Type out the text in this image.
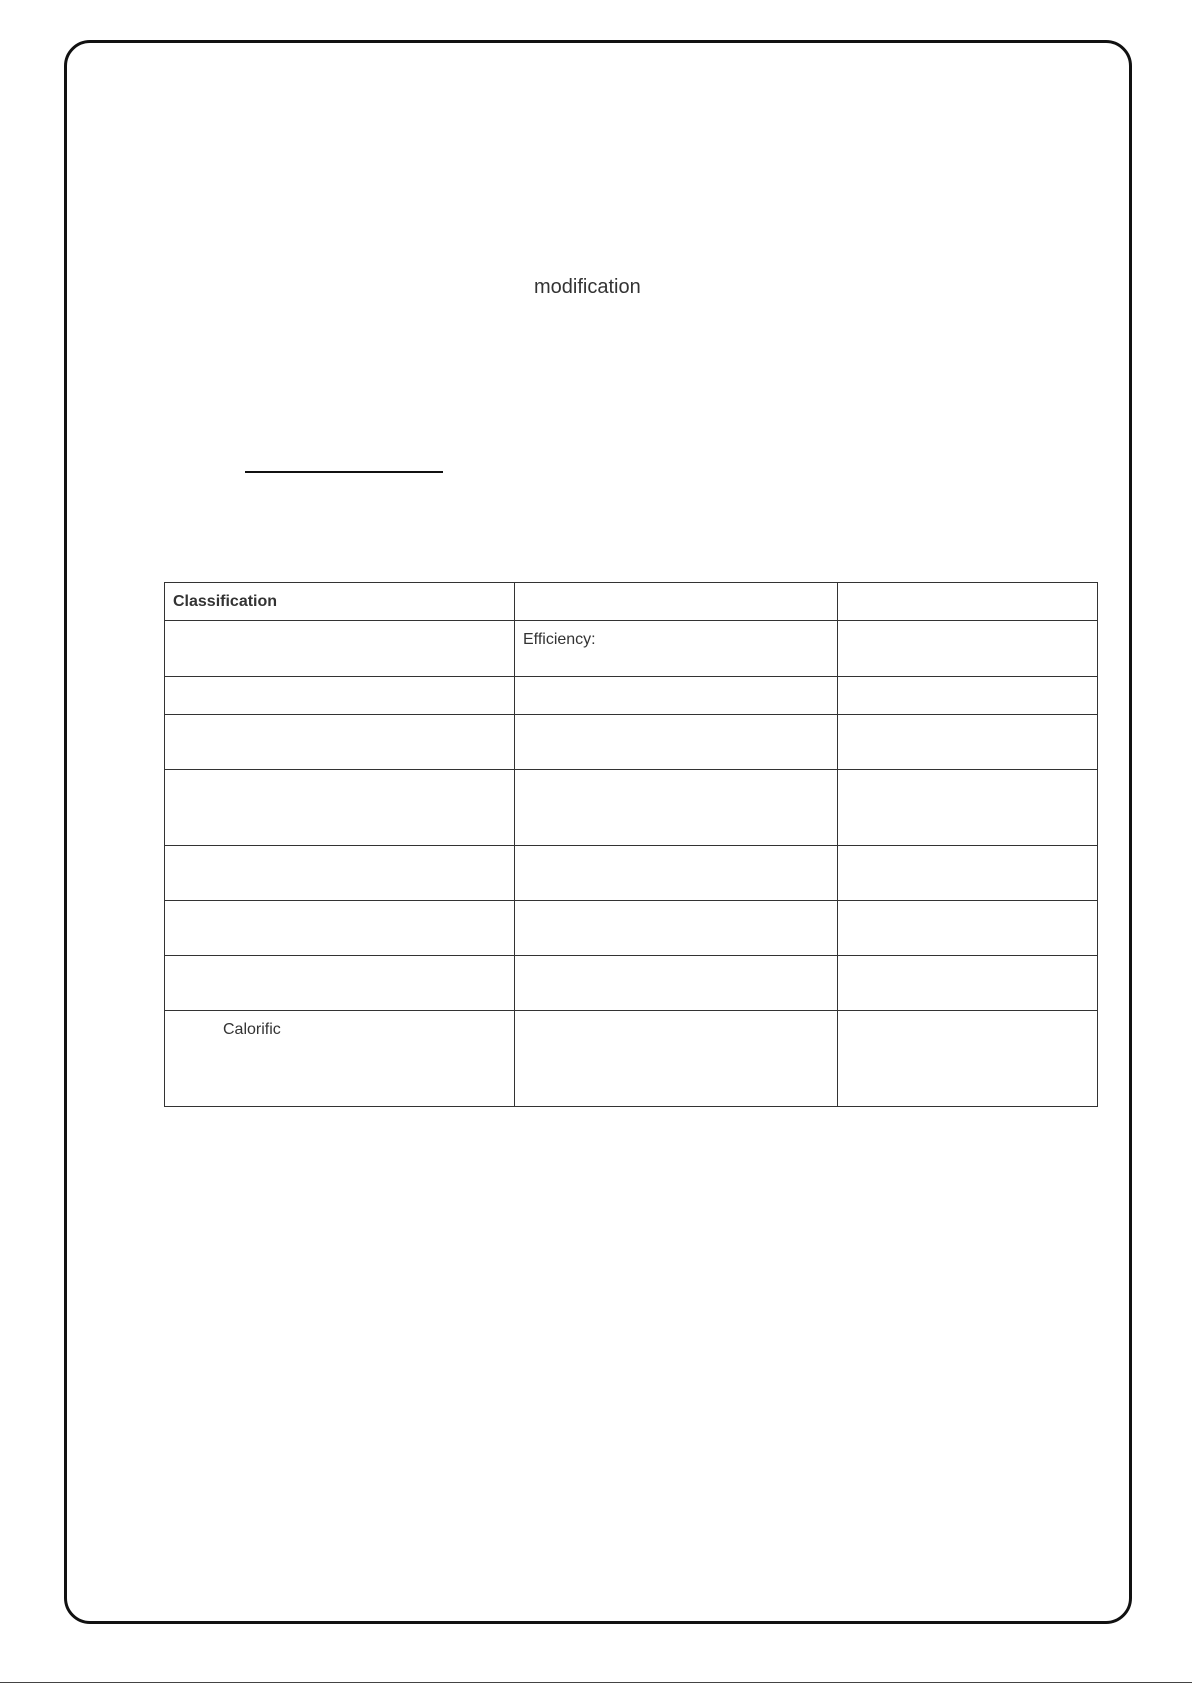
modification
Classification		
	Efficiency:	

Calorific		
